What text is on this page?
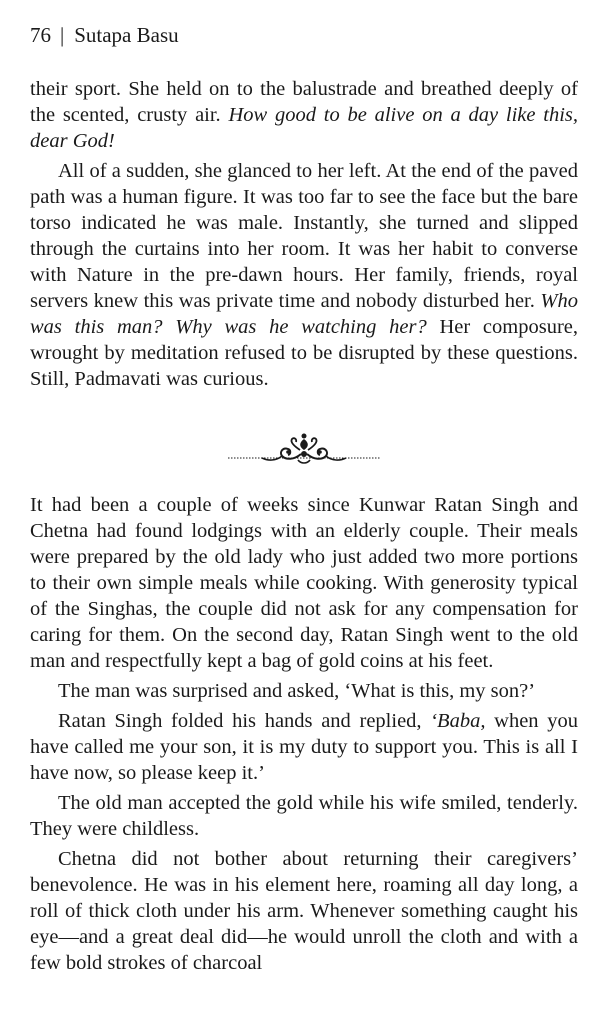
76 | Sutapa Basu

their sport. She held on to the balustrade and breathed deeply of the scented, crusty air. How good to be alive on a day like this, dear God!

All of a sudden, she glanced to her left. At the end of the paved path was a human figure. It was too far to see the face but the bare torso indicated he was male. Instantly, she turned and slipped through the curtains into her room. It was her habit to converse with Nature in the pre-dawn hours. Her family, friends, royal servers knew this was private time and nobody disturbed her. Who was this man? Why was he watching her? Her composure, wrought by meditation refused to be disrupted by these questions. Still, Padmavati was curious.

It had been a couple of weeks since Kunwar Ratan Singh and Chetna had found lodgings with an elderly couple. Their meals were prepared by the old lady who just added two more portions to their own simple meals while cooking. With generosity typical of the Singhas, the couple did not ask for any compensation for caring for them. On the second day, Ratan Singh went to the old man and respectfully kept a bag of gold coins at his feet.

The man was surprised and asked, ‘What is this, my son?’

Ratan Singh folded his hands and replied, ‘Baba, when you have called me your son, it is my duty to support you. This is all I have now, so please keep it.’

The old man accepted the gold while his wife smiled, tenderly. They were childless.

Chetna did not bother about returning their caregivers’ benevolence. He was in his element here, roaming all day long, a roll of thick cloth under his arm. Whenever something caught his eye—and a great deal did—he would unroll the cloth and with a few bold strokes of charcoal
